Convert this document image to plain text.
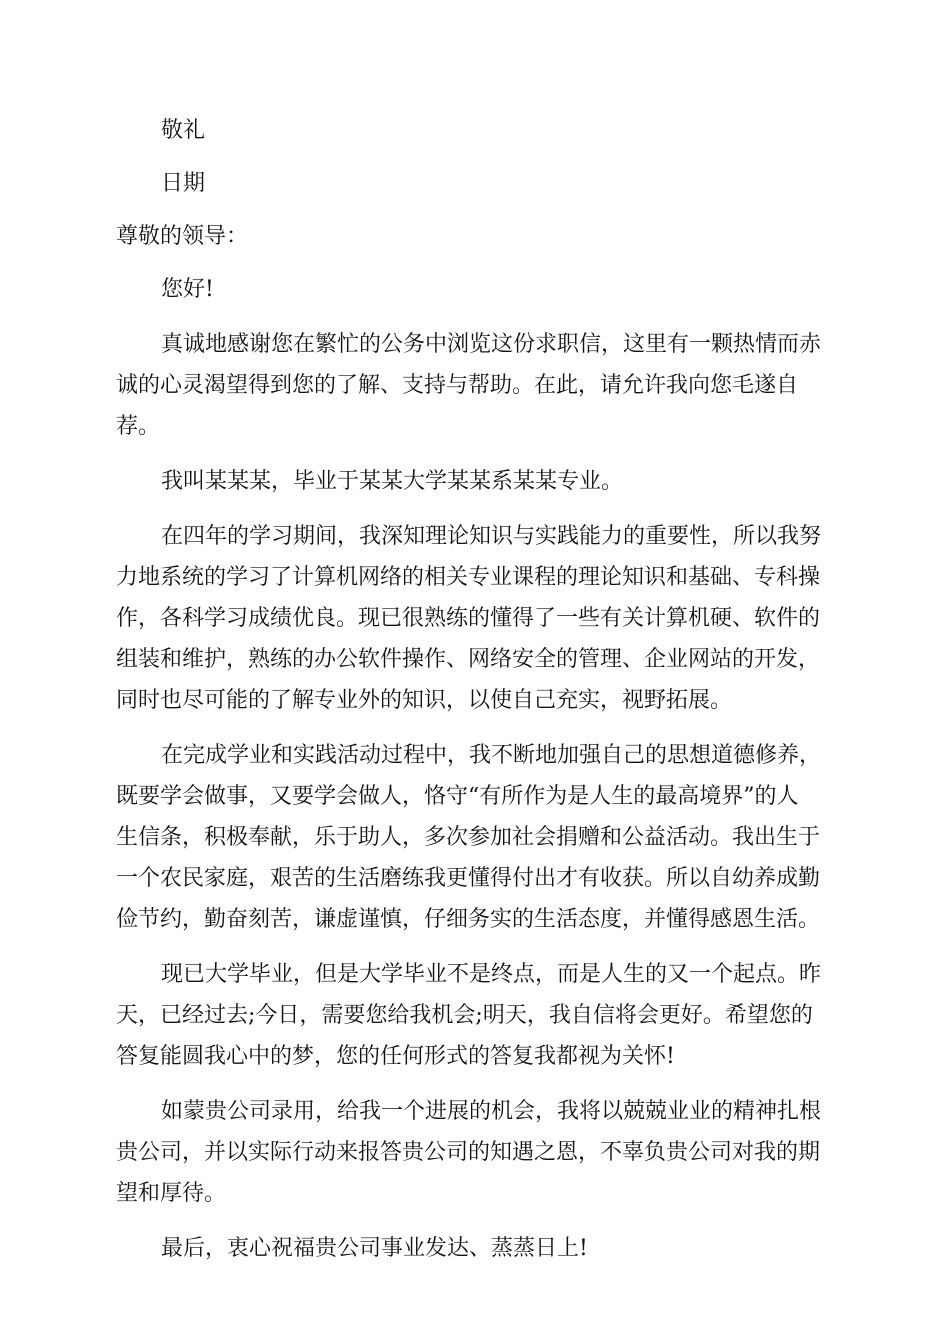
敬礼

日期

尊敬的领导：

您好!

真诚地感谢您在繁忙的公务中浏览这份求职信，这里有一颗热情而赤

诚的心灵渴望得到您的了解、支持与帮助。在此，请允许我向您毛遂自

荐。

我叫某某某，毕业于某某大学某某系某某专业。

在四年的学习期间，我深知理论知识与实践能力的重要性，所以我努

力地系统的学习了计算机网络的相关专业课程的理论知识和基础、专科操

作，各科学习成绩优良。现已很熟练的懂得了一些有关计算机硬、软件的

组装和维护，熟练的办公软件操作、网络安全的管理、企业网站的开发，

同时也尽可能的了解专业外的知识，以使自己充实，视野拓展。

在完成学业和实践活动过程中，我不断地加强自己的思想道德修养，

既要学会做事，又要学会做人，恪守“有所作为是人生的最高境界”的人

生信条，积极奉献，乐于助人，多次参加社会捐赠和公益活动。我出生于

一个农民家庭，艰苦的生活磨练我更懂得付出才有收获。所以自幼养成勤

俭节约，勤奋刻苦，谦虚谨慎，仔细务实的生活态度，并懂得感恩生活。

现已大学毕业，但是大学毕业不是终点，而是人生的又一个起点。昨

天，已经过去;今日，需要您给我机会;明天，我自信将会更好。希望您的

答复能圆我心中的梦，您的任何形式的答复我都视为关怀!

如蒙贵公司录用，给我一个进展的机会，我将以兢兢业业的精神扎根

贵公司，并以实际行动来报答贵公司的知遇之恩，不辜负贵公司对我的期

望和厚待。

最后，衷心祝福贵公司事业发达、蒸蒸日上!
